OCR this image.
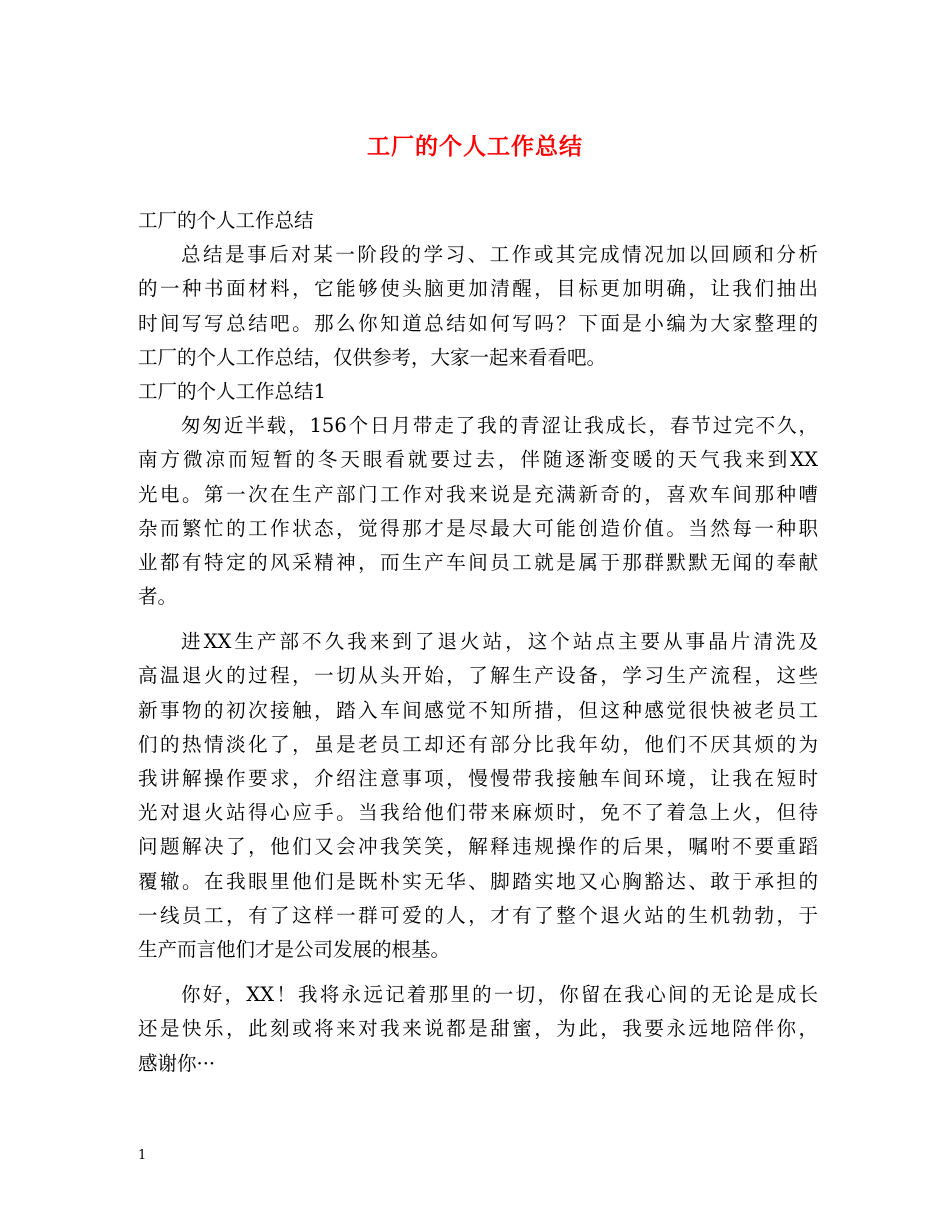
工厂的个人工作总结
工厂的个人工作总结
总结是事后对某一阶段的学习、工作或其完成情况加以回顾和分析
的一种书面材料，它能够使头脑更加清醒，目标更加明确，让我们抽出
时间写写总结吧。那么你知道总结如何写吗？下面是小编为大家整理的
工厂的个人工作总结，仅供参考，大家一起来看看吧。
工厂的个人工作总结1
匆匆近半载，156个日月带走了我的青涩让我成长，春节过完不久，
南方微凉而短暂的冬天眼看就要过去，伴随逐渐变暖的天气我来到XX
光电。第一次在生产部门工作对我来说是充满新奇的，喜欢车间那种嘈
杂而繁忙的工作状态，觉得那才是尽最大可能创造价值。当然每一种职
业都有特定的风采精神，而生产车间员工就是属于那群默默无闻的奉献
者。
进XX生产部不久我来到了退火站，这个站点主要从事晶片清洗及
高温退火的过程，一切从头开始，了解生产设备，学习生产流程，这些
新事物的初次接触，踏入车间感觉不知所措，但这种感觉很快被老员工
们的热情淡化了，虽是老员工却还有部分比我年幼，他们不厌其烦的为
我讲解操作要求，介绍注意事项，慢慢带我接触车间环境，让我在短时
光对退火站得心应手。当我给他们带来麻烦时，免不了着急上火，但待
问题解决了，他们又会冲我笑笑，解释违规操作的后果，嘱咐不要重蹈
覆辙。在我眼里他们是既朴实无华、脚踏实地又心胸豁达、敢于承担的
一线员工，有了这样一群可爱的人，才有了整个退火站的生机勃勃，于
生产而言他们才是公司发展的根基。
你好，XX！我将永远记着那里的一切，你留在我心间的无论是成长
还是快乐，此刻或将来对我来说都是甜蜜，为此，我要永远地陪伴你，
感谢你···
1
